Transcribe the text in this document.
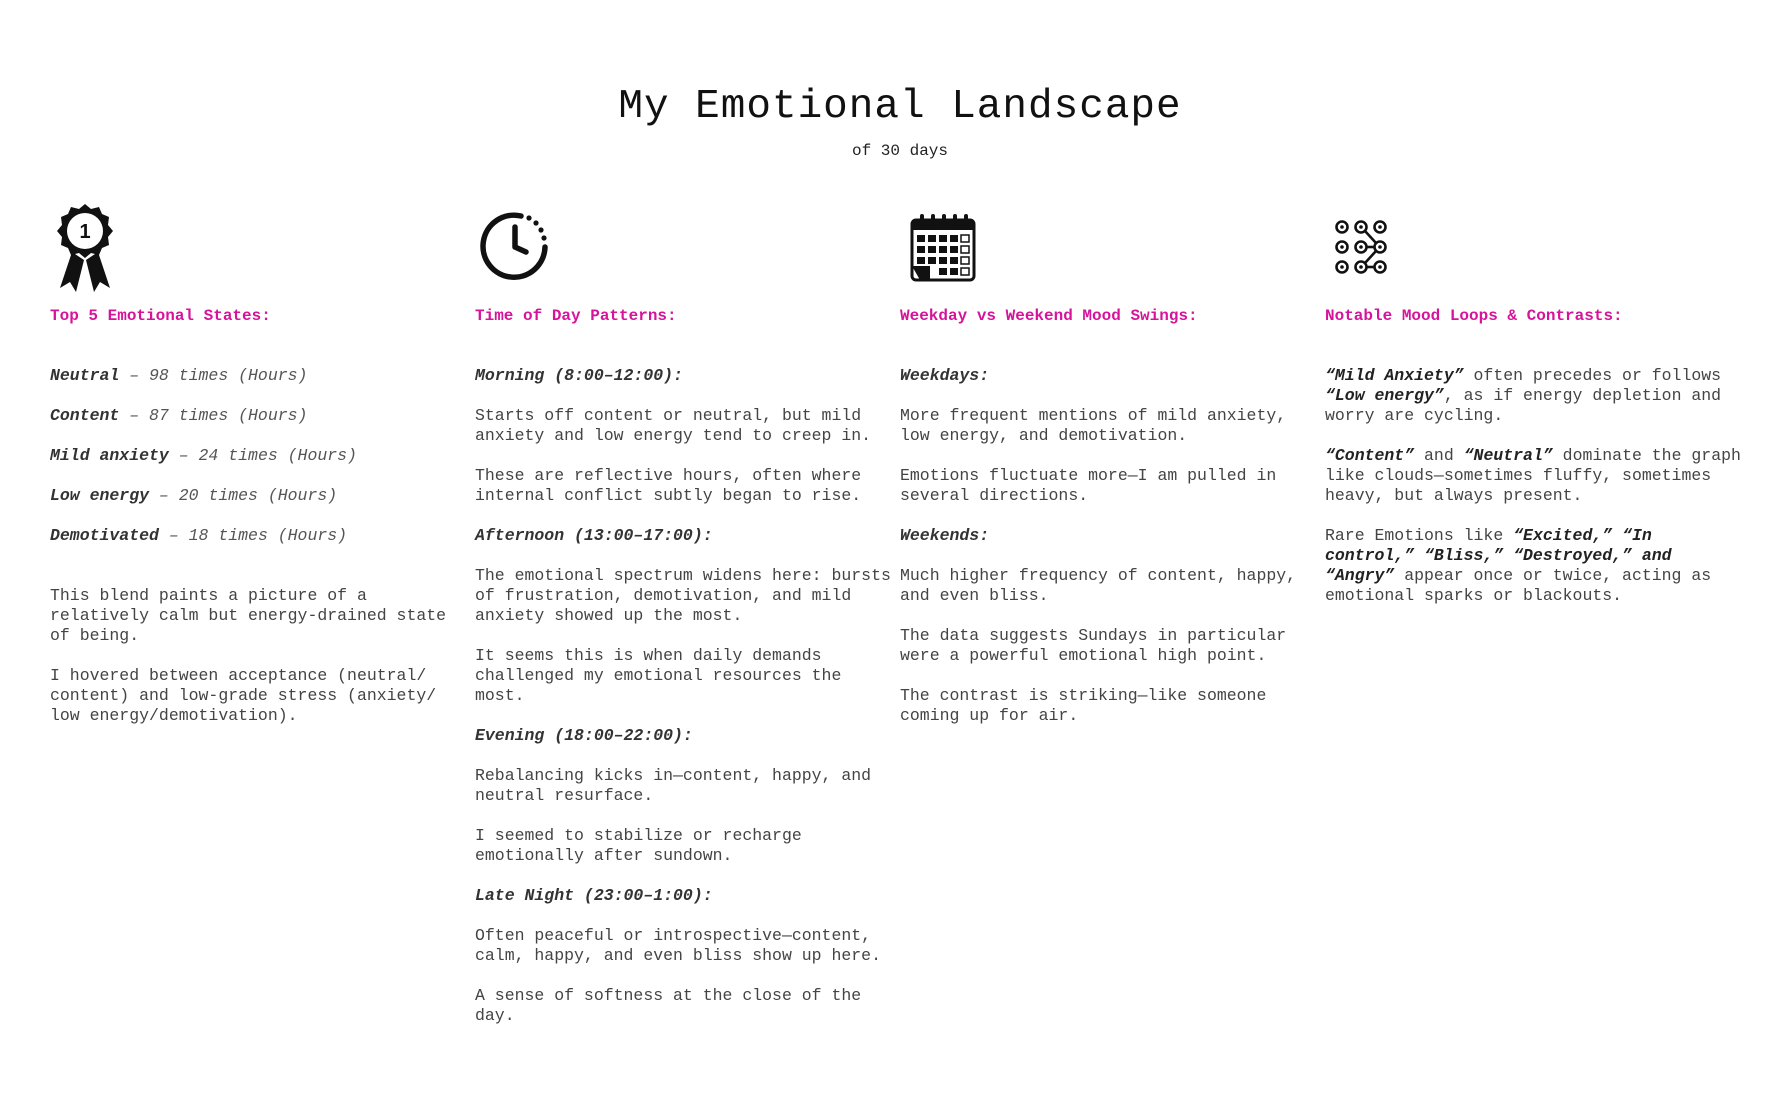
My Emotional Landscape
of 30 days
1
Top 5 Emotional States:
Neutral – 98 times (Hours)
Content – 87 times (Hours)
Mild anxiety – 24 times (Hours)
Low energy – 20 times (Hours)
Demotivated – 18 times (Hours)

This blend paints a picture of a relatively calm but energy-drained state of being.

I hovered between acceptance (neutral/ content) and low-grade stress (anxiety/ low energy/demotivation).

Time of Day Patterns:
Morning (8:00–12:00):

Starts off content or neutral, but mild anxiety and low energy tend to creep in.

These are reflective hours, often where internal conflict subtly began to rise.

Afternoon (13:00–17:00):

The emotional spectrum widens here: bursts of frustration, demotivation, and mild anxiety showed up the most.

It seems this is when daily demands challenged my emotional resources the most.

Evening (18:00–22:00):

Rebalancing kicks in—content, happy, and neutral resurface.

I seemed to stabilize or recharge emotionally after sundown.

Late Night (23:00–1:00):

Often peaceful or introspective—content, calm, happy, and even bliss show up here.

A sense of softness at the close of the day.

Weekday vs Weekend Mood Swings:
Weekdays:

More frequent mentions of mild anxiety, low energy, and demotivation.

Emotions fluctuate more—I am pulled in several directions.

Weekends:

Much higher frequency of content, happy, and even bliss.

The data suggests Sundays in particular were a powerful emotional high point.

The contrast is striking—like someone coming up for air.

Notable Mood Loops & Contrasts:

“Mild Anxiety” often precedes or follows “Low energy”, as if energy depletion and worry are cycling.

“Content” and “Neutral” dominate the graph like clouds—sometimes fluffy, sometimes heavy, but always present.

Rare Emotions like “Excited,” “In control,” “Bliss,” “Destroyed,” and “Angry” appear once or twice, acting as emotional sparks or blackouts.
